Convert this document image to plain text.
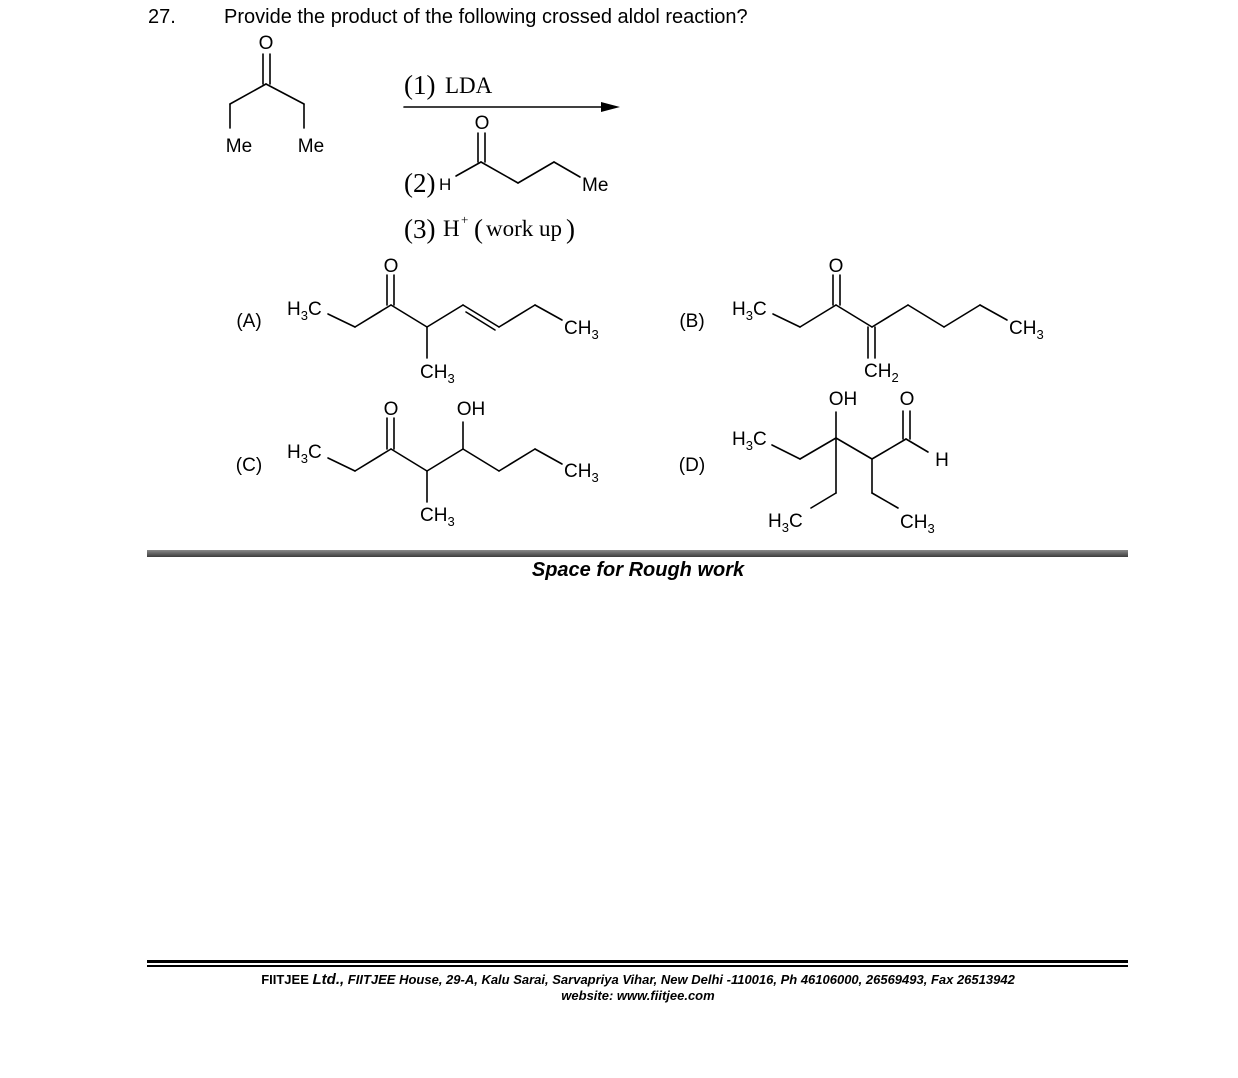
27. Provide the product of the following crossed aldol reaction?
O
Me Me
(1) LDA
O
(2) H	Me
(3) H + ( work up )
(A)
O
$H_3C$
$CH_3$
$CH_3$
(B)
O
$H_3C$
$CH_2$
$CH_3$
(C)
O	OH
$H_3C$
$CH_3$
$CH_3$
(D)
OH O
H
$H_3C$
$H_3C$	$CH_3$
Space for Rough work
FIITJEE Ltd., FIITJEE House, 29-A, Kalu Sarai, Sarvapriya Vihar, New Delhi -110016, Ph 46106000, 26569493, Fax 26513942
website: www.fiitjee.com
